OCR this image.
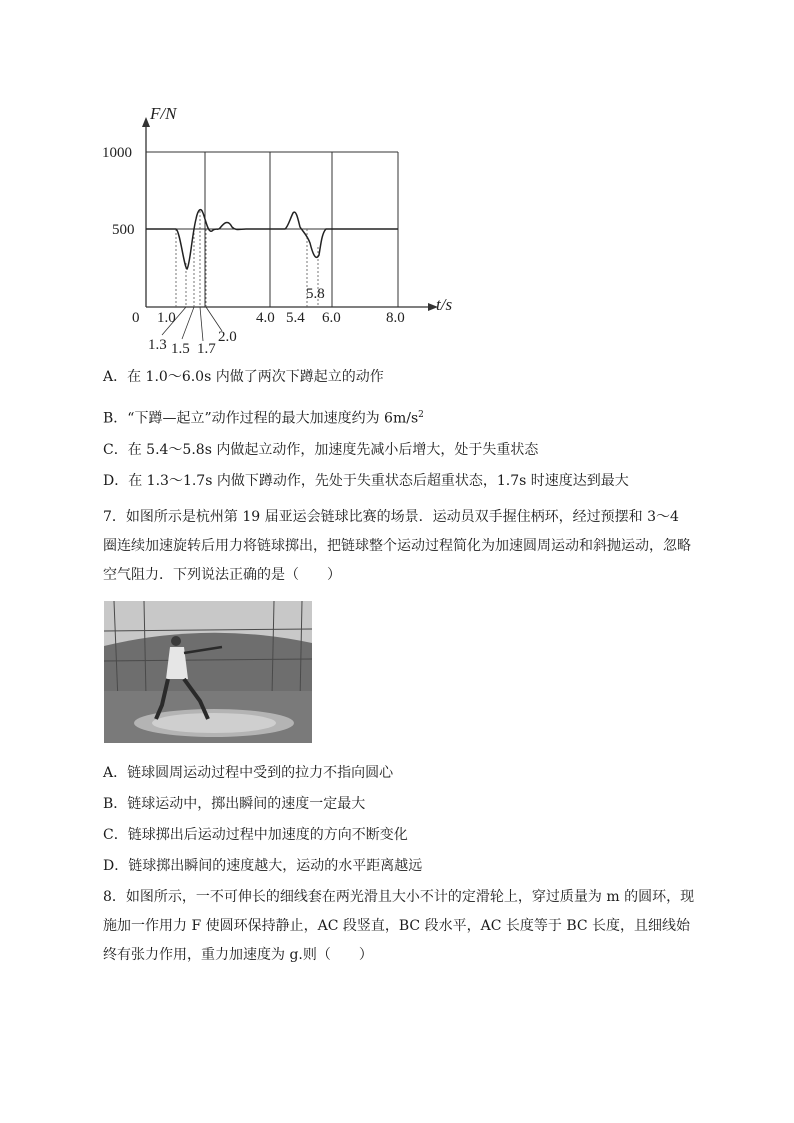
F/N
t/s
1000
500
0 1.0	4.0 5.4 6.0	8.0
5.8
1.3 1.5 1.7
2.0
A．在 1.0～6.0s 内做了两次下蹲起立的动作
B．“下蹲—起立”动作过程的最大加速度约为 $6m/s^2$
C．在 5.4～5.8s 内做起立动作，加速度先减小后增大，处于失重状态
D．在 1.3～1.7s 内做下蹲动作，先处于失重状态后超重状态，1.7s 时速度达到最大
7．如图所示是杭州第 19 届亚运会链球比赛的场景．运动员双手握住柄环，经过预摆和 3～4 圈连续加速旋转后用力将链球掷出，把链球整个运动过程简化为加速圆周运动和斜抛运动，忽略空气阻力．下列说法正确的是（　　）
A．链球圆周运动过程中受到的拉力不指向圆心
B．链球运动中，掷出瞬间的速度一定最大
C．链球掷出后运动过程中加速度的方向不断变化
D．链球掷出瞬间的速度越大，运动的水平距离越远
8．如图所示，一不可伸长的细线套在两光滑且大小不计的定滑轮上，穿过质量为 m 的圆环，现施加一作用力 F 使圆环保持静止，AC 段竖直，BC 段水平，AC 长度等于 BC 长度，且细线始终有张力作用，重力加速度为 g.则（　　）
